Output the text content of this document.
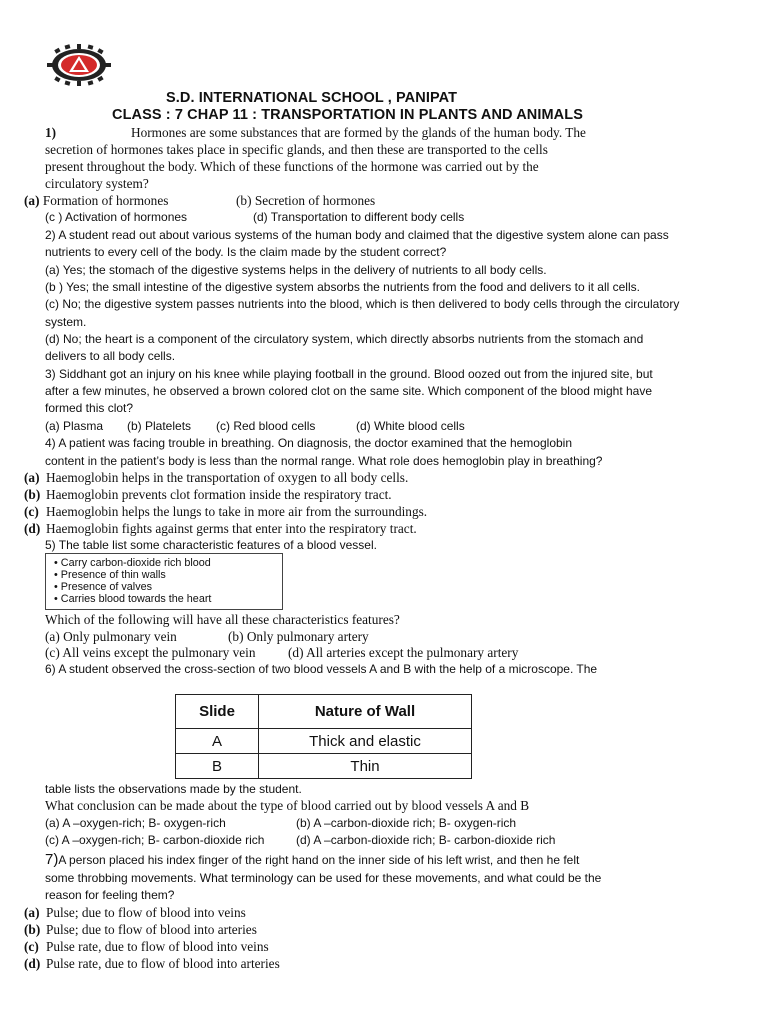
S.D. INTERNATIONAL SCHOOL , PANIPAT
CLASS : 7 CHAP 11 : TRANSPORTATION IN PLANTS AND ANIMALS
1)	Hormones are some substances that are formed by the glands of the human body. The
secretion of hormones takes place in specific glands, and then these are transported to the cells
present throughout the body. Which of these functions of the hormone was carried out by the
circulatory system?
(a) Formation of hormones	(b) Secretion of hormones
(c ) Activation of hormones	(d) Transportation to different body cells
2) A student read out about various systems of the human body and claimed that the digestive system alone can pass
nutrients to every cell of the body. Is the claim made by the student correct?
(a) Yes; the stomach of the digestive systems helps in the delivery of nutrients to all body cells.
(b ) Yes; the small intestine of the digestive system absorbs the nutrients from the food and delivers to it all cells.
(c) No; the digestive system passes nutrients into the blood, which is then delivered to body cells through the circulatory
system.
(d) No; the heart is a component of the circulatory system, which directly absorbs nutrients from the stomach and
delivers to all body cells.
3) Siddhant got an injury on his knee while playing football in the ground. Blood oozed out from the injured site, but
after a few minutes, he observed a brown colored clot on the same site. Which component of the blood might have
formed this clot?
(a) Plasma (b) Platelets (c) Red blood cells	(d) White blood cells
4) A patient was facing trouble in breathing. On diagnosis, the doctor examined that the hemoglobin
content in the patient’s body is less than the normal range. What role does hemoglobin play in breathing?
(a) Haemoglobin helps in the transportation of oxygen to all body cells.
(b) Haemoglobin prevents clot formation inside the respiratory tract.
(c) Haemoglobin helps the lungs to take in more air from the surroundings.
(d) Haemoglobin fights against germs that enter into the respiratory tract.
5) The table list some characteristic features of a blood vessel.
• Carry carbon-dioxide rich blood
• Presence of thin walls
• Presence of valves
• Carries blood towards the heart
Which of the following will have all these characteristics features?
(a) Only pulmonary vein	(b) Only pulmonary artery
(c) All veins except the pulmonary vein (d) All arteries except the pulmonary artery
6) A student observed the cross-section of two blood vessels A and B with the help of a microscope. The
Slide	Nature of Wall
A	Thick and elastic
B	Thin
table lists the observations made by the student.
What conclusion can be made about the type of blood carried out by blood vessels A and B
(a) A –oxygen-rich; B- oxygen-rich	(b) A –carbon-dioxide rich; B- oxygen-rich
(c) A –oxygen-rich; B- carbon-dioxide rich	(d) A –carbon-dioxide rich; B- carbon-dioxide rich
7)A person placed his index finger of the right hand on the inner side of his left wrist, and then he felt
some throbbing movements. What terminology can be used for these movements, and what could be the
reason for feeling them?
(a) Pulse; due to flow of blood into veins
(b) Pulse; due to flow of blood into arteries
(c) Pulse rate, due to flow of blood into veins
(d) Pulse rate, due to flow of blood into arteries
